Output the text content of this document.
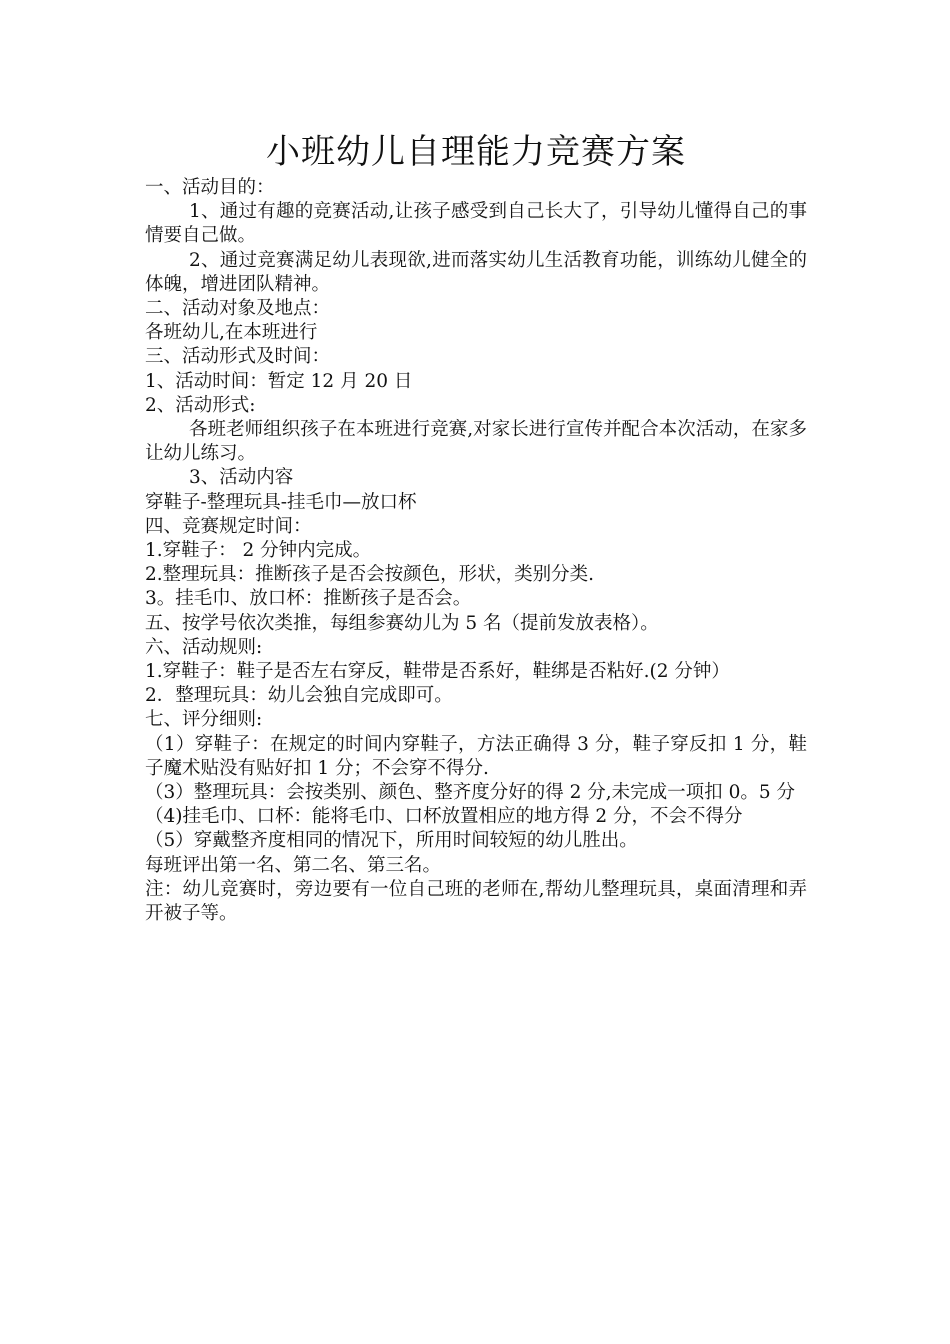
小班幼儿自理能力竞赛方案

一、活动目的：

1、通过有趣的竞赛活动,让孩子感受到自己长大了，引导幼儿懂得自己的事情要自己做。

2、通过竞赛满足幼儿表现欲,进而落实幼儿生活教育功能，训练幼儿健全的体魄，增进团队精神。

二、活动对象及地点：

各班幼儿,在本班进行

三、活动形式及时间：

1、活动时间：暂定 12 月 20 日

2、活动形式:

各班老师组织孩子在本班进行竞赛,对家长进行宣传并配合本次活动，在家多让幼儿练习。

3、活动内容

穿鞋子-整理玩具-挂毛巾—放口杯

四、竞赛规定时间：

1.穿鞋子： 2 分钟内完成。

2.整理玩具：推断孩子是否会按颜色，形状，类别分类.

3。挂毛巾、放口杯：推断孩子是否会。

五、按学号依次类推，每组参赛幼儿为 5 名（提前发放表格）。

六、活动规则:

1.穿鞋子：鞋子是否左右穿反，鞋带是否系好，鞋绑是否粘好.(2 分钟）

2．整理玩具：幼儿会独自完成即可。

七、评分细则:

（1）穿鞋子：在规定的时间内穿鞋子，方法正确得 3 分，鞋子穿反扣 1 分，鞋子魔术贴没有贴好扣 1 分；不会穿不得分.

（3）整理玩具：会按类别、颜色、整齐度分好的得 2 分,未完成一项扣 0。5 分

（4)挂毛巾、口杯：能将毛巾、口杯放置相应的地方得 2 分，不会不得分

（5）穿戴整齐度相同的情况下，所用时间较短的幼儿胜出。

每班评出第一名、第二名、第三名。

注：幼儿竞赛时，旁边要有一位自己班的老师在,帮幼儿整理玩具，桌面清理和弄开被子等。
